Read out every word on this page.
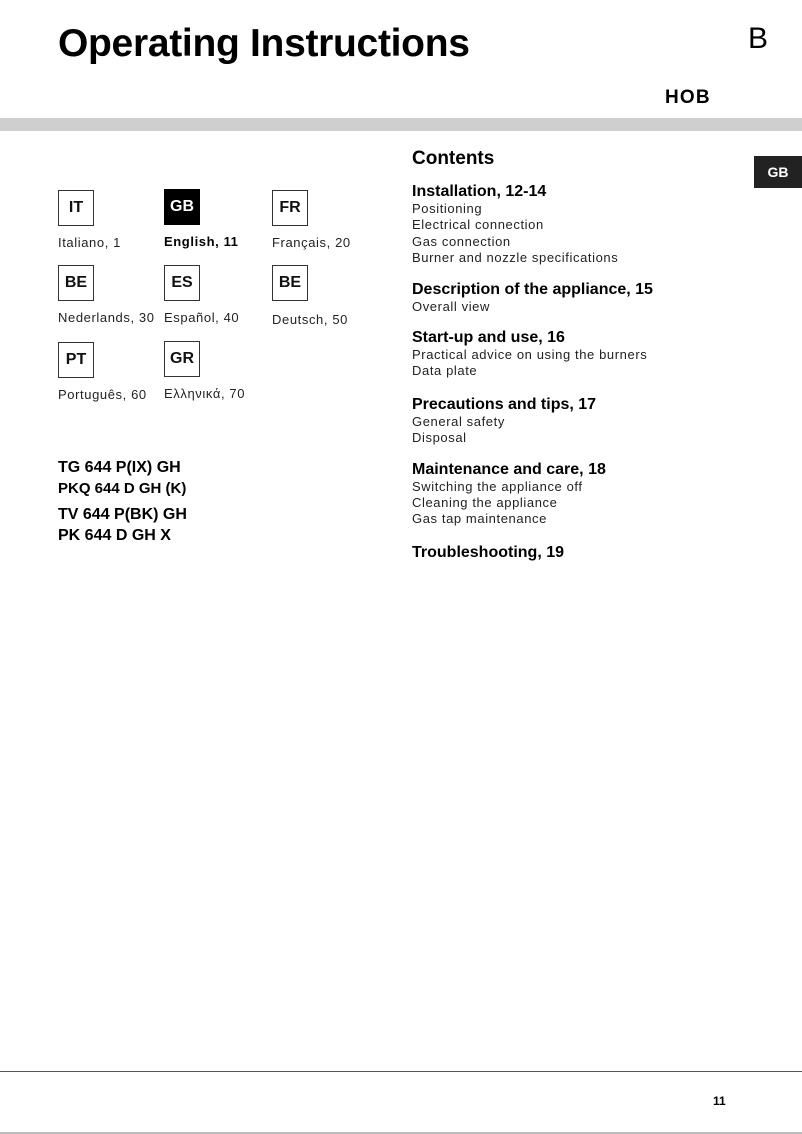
Operating Instructions	B
HOB
GB
IT
Italiano, 1
GB
English, 11
FR
Français, 20
BE
Nederlands, 30
ES
Español, 40
BE
Deutsch, 50
PT
Português, 60
GR
Ελληνικά, 70
TG 644 P(IX) GH
PKQ 644 D GH (K)
TV 644 P(BK) GH
PK 644 D GH X
Contents
Installation, 12-14
Positioning
Electrical connection
Gas connection
Burner and nozzle specifications
Description of the appliance, 15
Overall view
Start-up and use, 16
Practical advice on using the burners
Data plate
Precautions and tips, 17
General safety
Disposal
Maintenance and care, 18
Switching the appliance off
Cleaning the appliance
Gas tap maintenance
Troubleshooting, 19
11
